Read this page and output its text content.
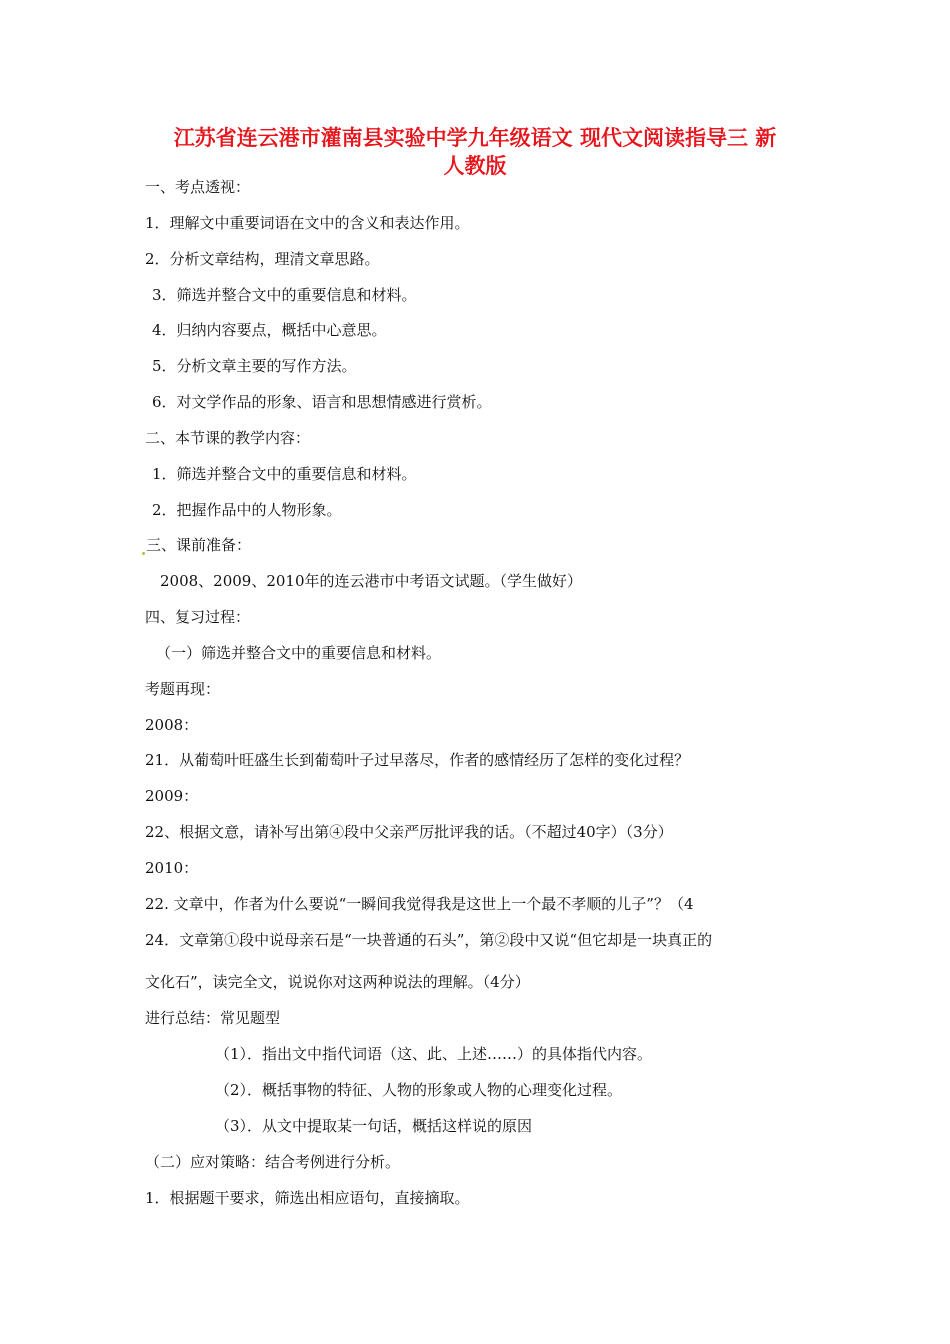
江苏省连云港市灌南县实验中学九年级语文 现代文阅读指导三 新
人教版
一、考点透视：
1．理解文中重要词语在文中的含义和表达作用。
2．分析文章结构，理清文章思路。
3．筛选并整合文中的重要信息和材料。
4．归纳内容要点，概括中心意思。
5．分析文章主要的写作方法。
6．对文学作品的形象、语言和思想情感进行赏析。
二、本节课的教学内容：
1．筛选并整合文中的重要信息和材料。
2．把握作品中的人物形象。
三、课前准备：
2008、2009、2010年的连云港市中考语文试题。（学生做好）
四、复习过程：
（一）筛选并整合文中的重要信息和材料。
考题再现：
2008：
21．从葡萄叶旺盛生长到葡萄叶子过早落尽，作者的感情经历了怎样的变化过程？
2009：
22、根据文意，请补写出第④段中父亲严厉批评我的话。（不超过40字）（3分）
2010：
22. 文章中，作者为什么要说“一瞬间我觉得我是这世上一个最不孝顺的儿子”？（4
24．文章第①段中说母亲石是“一块普通的石头”，第②段中又说“但它却是一块真正的
文化石”，读完全文，说说你对这两种说法的理解。（4分）
进行总结：常见题型
（1）．指出文中指代词语（这、此、上述……）的具体指代内容。
（2）．概括事物的特征、人物的形象或人物的心理变化过程。
（3）．从文中提取某一句话，概括这样说的原因
（二）应对策略：结合考例进行分析。
1．根据题干要求，筛选出相应语句，直接摘取。
